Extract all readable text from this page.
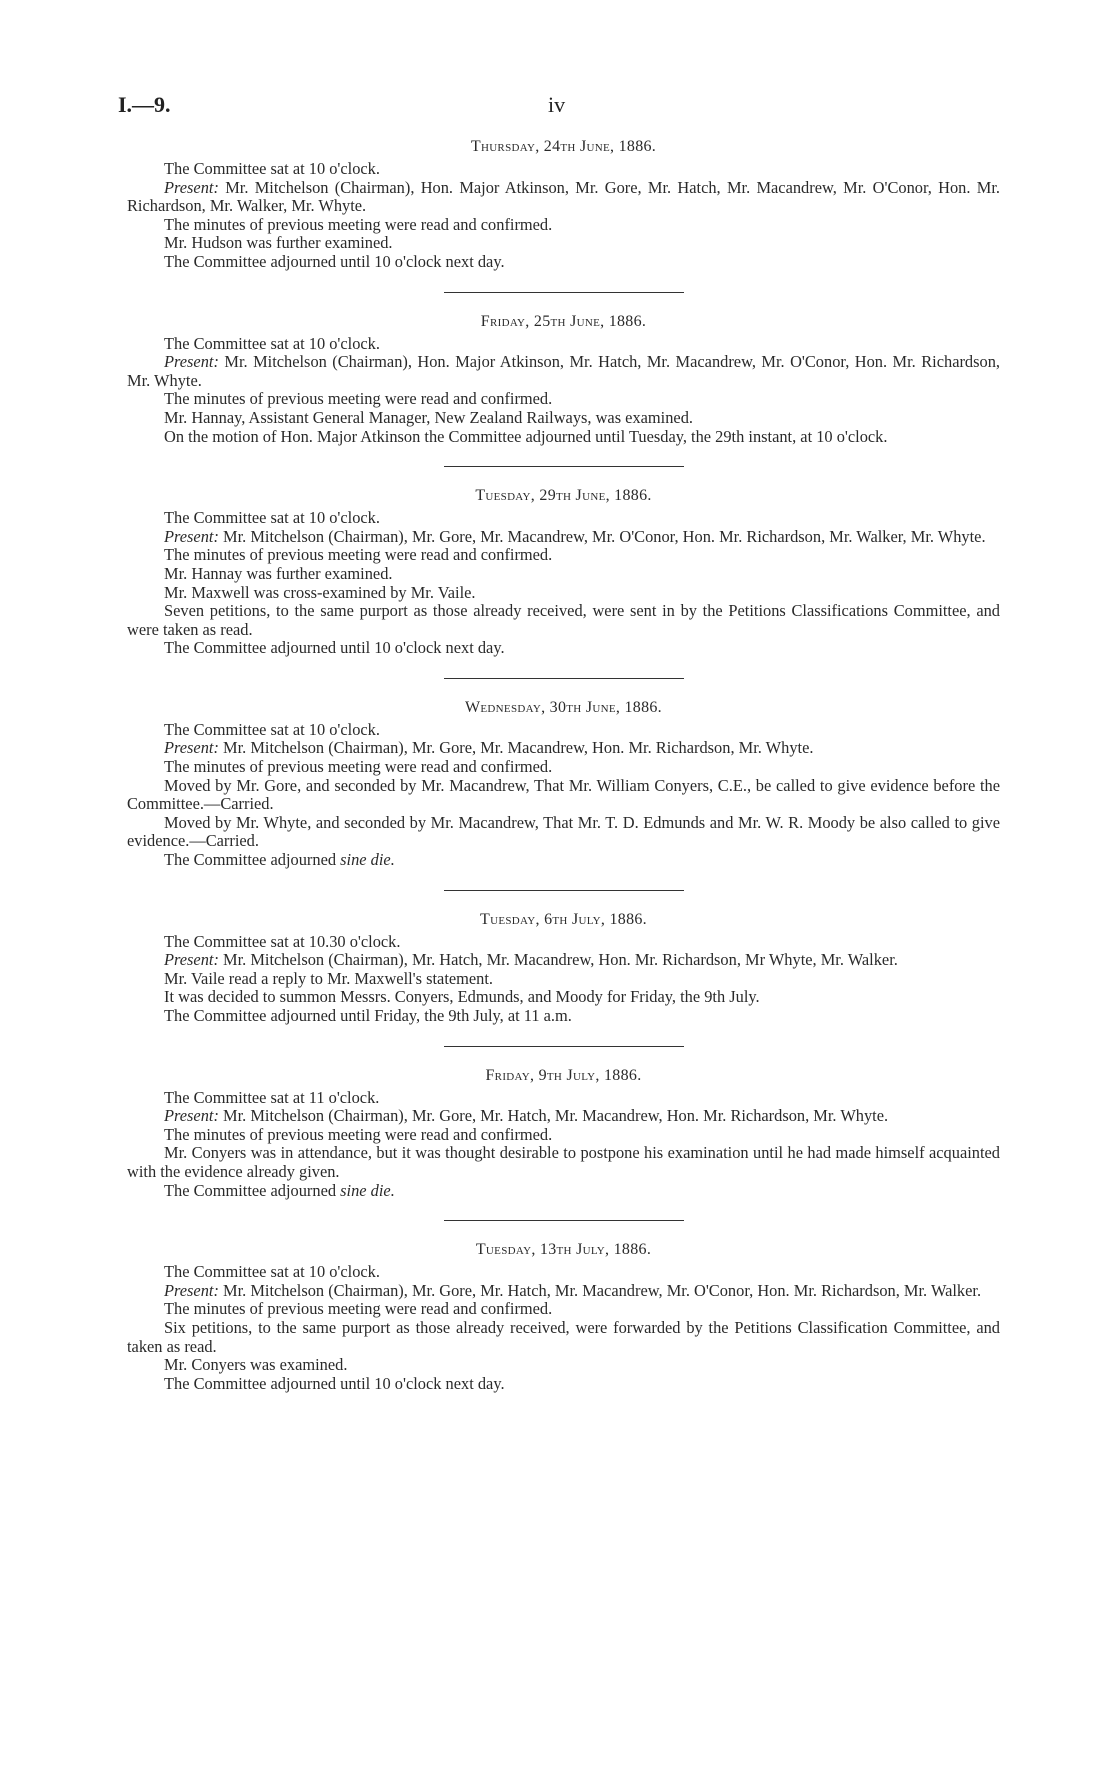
I.—9.	iv

Thursday, 24th June, 1886.

The Committee sat at 10 o'clock.

Present: Mr. Mitchelson (Chairman), Hon. Major Atkinson, Mr. Gore, Mr. Hatch, Mr. Macandrew, Mr. O'Conor, Hon. Mr. Richardson, Mr. Walker, Mr. Whyte.

The minutes of previous meeting were read and confirmed.

Mr. Hudson was further examined.

The Committee adjourned until 10 o'clock next day.

Friday, 25th June, 1886.

The Committee sat at 10 o'clock.

Present: Mr. Mitchelson (Chairman), Hon. Major Atkinson, Mr. Hatch, Mr. Macandrew, Mr. O'Conor, Hon. Mr. Richardson, Mr. Whyte.

The minutes of previous meeting were read and confirmed.

Mr. Hannay, Assistant General Manager, New Zealand Railways, was examined.

On the motion of Hon. Major Atkinson the Committee adjourned until Tuesday, the 29th instant, at 10 o'clock.

Tuesday, 29th June, 1886.

The Committee sat at 10 o'clock.

Present: Mr. Mitchelson (Chairman), Mr. Gore, Mr. Macandrew, Mr. O'Conor, Hon. Mr. Richardson, Mr. Walker, Mr. Whyte.

The minutes of previous meeting were read and confirmed.

Mr. Hannay was further examined.

Mr. Maxwell was cross-examined by Mr. Vaile.

Seven petitions, to the same purport as those already received, were sent in by the Petitions Classifications Committee, and were taken as read.

The Committee adjourned until 10 o'clock next day.

Wednesday, 30th June, 1886.

The Committee sat at 10 o'clock.

Present: Mr. Mitchelson (Chairman), Mr. Gore, Mr. Macandrew, Hon. Mr. Richardson, Mr. Whyte.

The minutes of previous meeting were read and confirmed.

Moved by Mr. Gore, and seconded by Mr. Macandrew, That Mr. William Conyers, C.E., be called to give evidence before the Committee.—Carried.

Moved by Mr. Whyte, and seconded by Mr. Macandrew, That Mr. T. D. Edmunds and Mr. W. R. Moody be also called to give evidence.—Carried.

The Committee adjourned sine die.

Tuesday, 6th July, 1886.

The Committee sat at 10.30 o'clock.

Present: Mr. Mitchelson (Chairman), Mr. Hatch, Mr. Macandrew, Hon. Mr. Richardson, Mr Whyte, Mr. Walker.

Mr. Vaile read a reply to Mr. Maxwell's statement.

It was decided to summon Messrs. Conyers, Edmunds, and Moody for Friday, the 9th July.

The Committee adjourned until Friday, the 9th July, at 11 a.m.

Friday, 9th July, 1886.

The Committee sat at 11 o'clock.

Present: Mr. Mitchelson (Chairman), Mr. Gore, Mr. Hatch, Mr. Macandrew, Hon. Mr. Richardson, Mr. Whyte.

The minutes of previous meeting were read and confirmed.

Mr. Conyers was in attendance, but it was thought desirable to postpone his examination until he had made himself acquainted with the evidence already given.

The Committee adjourned sine die.

Tuesday, 13th July, 1886.

The Committee sat at 10 o'clock.

Present: Mr. Mitchelson (Chairman), Mr. Gore, Mr. Hatch, Mr. Macandrew, Mr. O'Conor, Hon. Mr. Richardson, Mr. Walker.

The minutes of previous meeting were read and confirmed.

Six petitions, to the same purport as those already received, were forwarded by the Petitions Classification Committee, and taken as read.

Mr. Conyers was examined.

The Committee adjourned until 10 o'clock next day.
